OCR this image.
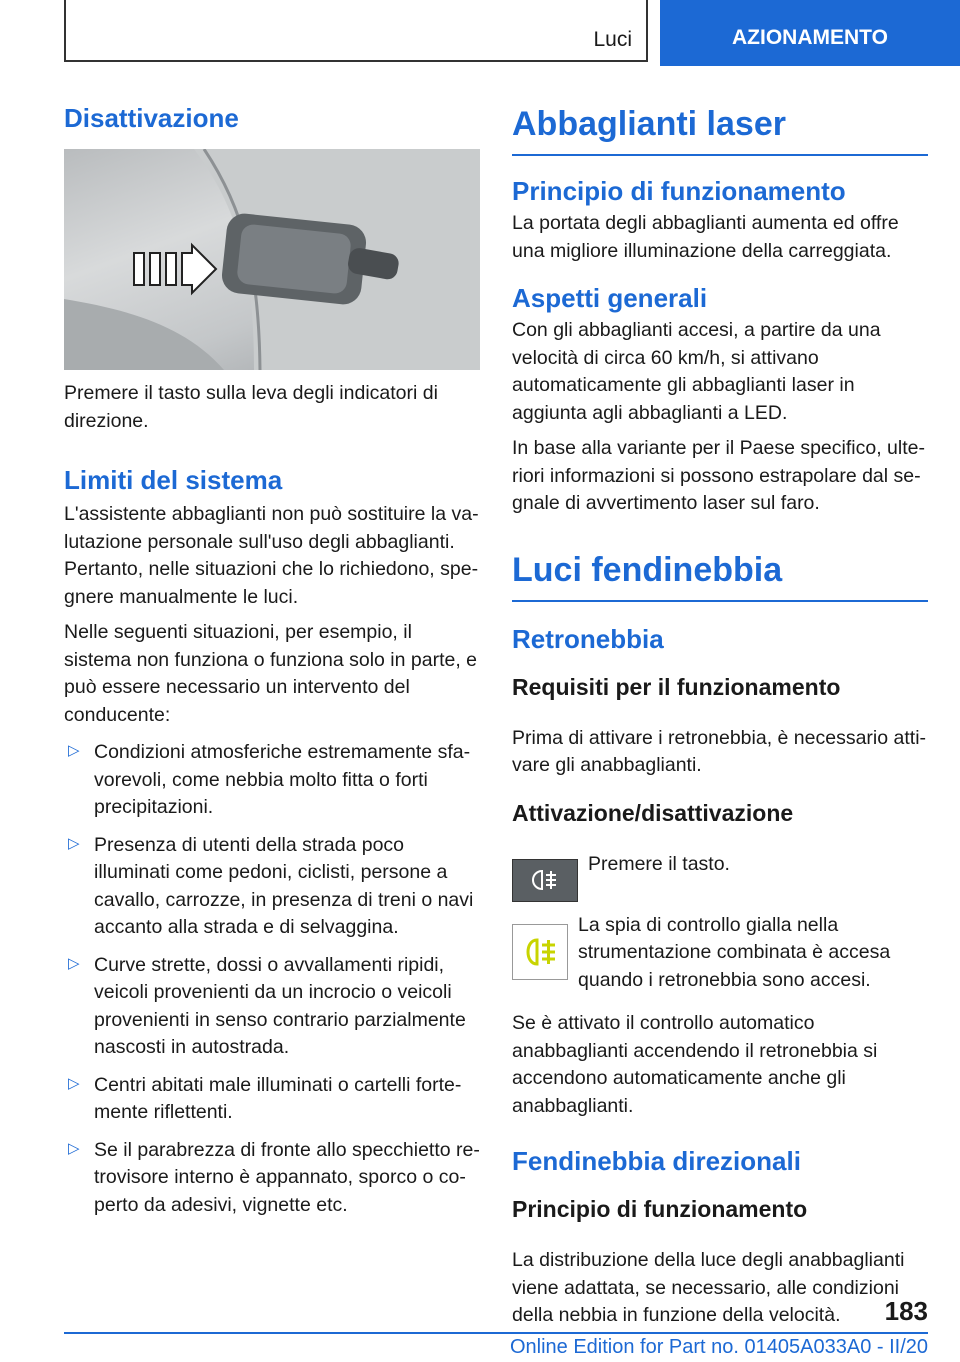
Luci	AZIONAMENTO
Disattivazione

Premere il tasto sulla leva degli indicatori di direzione.

Limiti del sistema

L'assistente abbaglianti non può sostituire la valutazione personale sull'uso degli abbaglianti. Pertanto, nelle situazioni che lo richiedono, spegnere manualmente le luci.

Nelle seguenti situazioni, per esempio, il sistema non funziona o funziona solo in parte, e può essere necessario un intervento del conducente:

▷ Condizioni atmosferiche estremamente sfavorevoli, come nebbia molto fitta o forti precipitazioni.

▷ Presenza di utenti della strada poco illuminati come pedoni, ciclisti, persone a cavallo, carrozze, in presenza di treni o navi accanto alla strada e di selvaggina.

▷ Curve strette, dossi o avvallamenti ripidi, veicoli provenienti da un incrocio o veicoli provenienti in senso contrario parzialmente nascosti in autostrada.

▷ Centri abitati male illuminati o cartelli fortemente riflettenti.

▷ Se il parabrezza di fronte allo specchietto retrovisore interno è appannato, sporco o coperto da adesivi, vignette etc.

Abbaglianti laser
Principio di funzionamento

La portata degli abbaglianti aumenta ed offre una migliore illuminazione della carreggiata.

Aspetti generali

Con gli abbaglianti accesi, a partire da una velocità di circa 60 km/h, si attivano automaticamente gli abbaglianti laser in aggiunta agli abbaglianti a LED.

In base alla variante per il Paese specifico, ulteriori informazioni si possono estrapolare dal segnale di avvertimento laser sul faro.

Luci fendinebbia
Retronebbia
Requisiti per il funzionamento

Prima di attivare i retronebbia, è necessario attivare gli anabbaglianti.

Attivazione/disattivazione

Premere il tasto.

La spia di controllo gialla nella strumentazione combinata è accesa quando i retronebbia sono accesi.

Se è attivato il controllo automatico anabbaglianti accendendo il retronebbia si accendono automaticamente anche gli anabbaglianti.

Fendinebbia direzionali
Principio di funzionamento

La distribuzione della luce degli anabbaglianti viene adattata, se necessario, alle condizioni della nebbia in funzione della velocità.	183
Online Edition for Part no. 01405A033A0 - II/20
